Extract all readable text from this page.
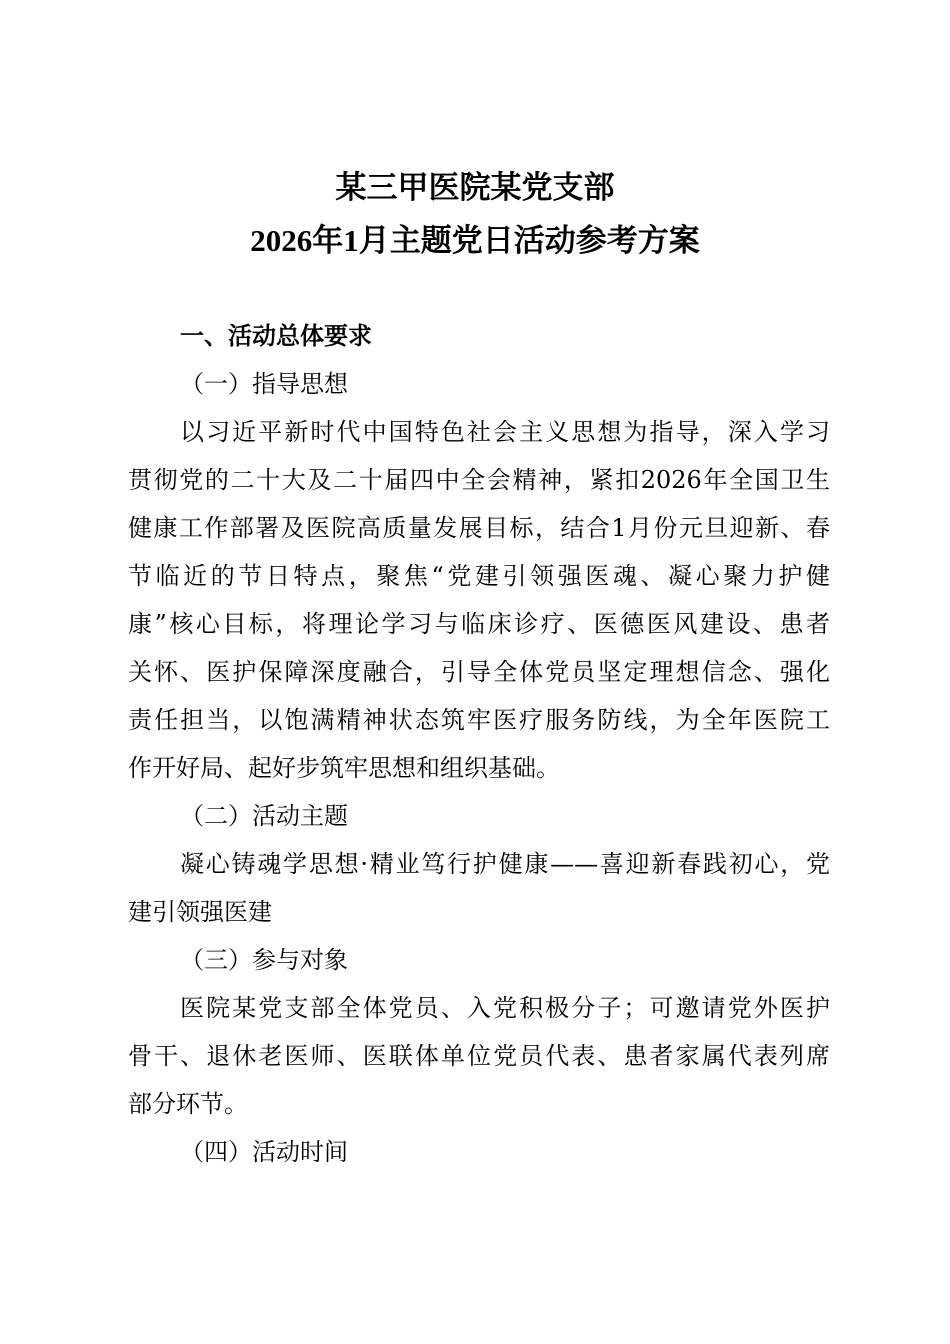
某三甲医院某党支部
2026年1月主题党日活动参考方案
一、活动总体要求
（一）指导思想
以习近平新时代中国特色社会主义思想为指导，深入学习
贯彻党的二十大及二十届四中全会精神，紧扣2026年全国卫生
健康工作部署及医院高质量发展目标，结合1月份元旦迎新、春
节临近的节日特点，聚焦“党建引领强医魂、凝心聚力护健
康”核心目标，将理论学习与临床诊疗、医德医风建设、患者
关怀、医护保障深度融合，引导全体党员坚定理想信念、强化
责任担当，以饱满精神状态筑牢医疗服务防线，为全年医院工
作开好局、起好步筑牢思想和组织基础。
（二）活动主题
凝心铸魂学思想·精业笃行护健康——喜迎新春践初心，党
建引领强医建
（三）参与对象
医院某党支部全体党员、入党积极分子；可邀请党外医护
骨干、退休老医师、医联体单位党员代表、患者家属代表列席
部分环节。
（四）活动时间
